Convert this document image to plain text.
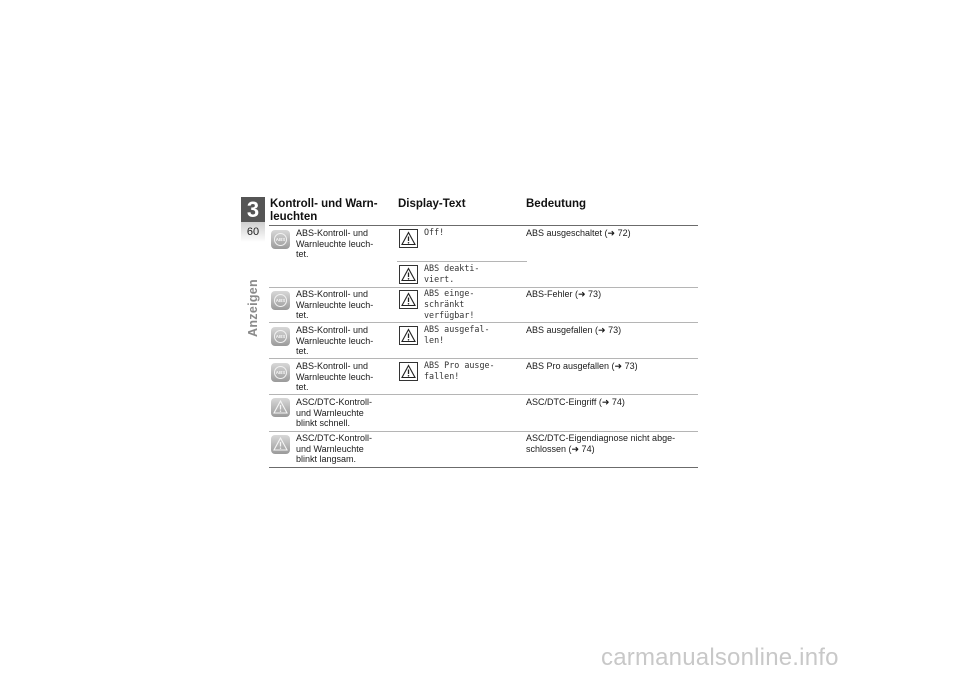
3
60
Anzeigen
Kontroll- und Warn-
leuchten
Display-Text	Bedeutung
ABS
ABS-Kontroll- und Warnleuchte leuch-
tet.
Off!	ABS ausgeschaltet (➜ 72)
ABS deakti-
viert.
ABS
ABS-Kontroll- und Warnleuchte leuch-
tet.
ABS einge-
schränkt
verfügbar!
ABS-Fehler (➜ 73)
ABS
ABS-Kontroll- und Warnleuchte leuch-
tet.
ABS ausgefal-
len!
ABS ausgefallen (➜ 73)
ABS
ABS-Kontroll- und Warnleuchte leuch-
tet.
ABS Pro ausge-
fallen!
ABS Pro ausgefallen (➜ 73)
ASC/DTC-Kontroll-
und Warnleuchte
blinkt schnell.
ASC/DTC-Eingriff (➜ 74)
ASC/DTC-Kontroll-
und Warnleuchte
blinkt langsam.
ASC/DTC-Eigendiagnose nicht abge-
schlossen (➜ 74)
carmanualsonline.info
